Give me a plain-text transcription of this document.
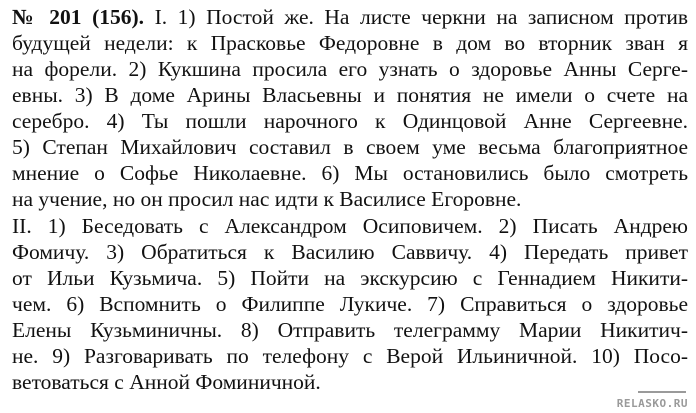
№ 201 (156). I. 1) Постой же. На листе черкни на записном против
будущей недели: к Прасковье Федоровне в дом во вторник зван я
на форели. 2) Кукшина просила его узнать о здоровье Анны Серге-
евны. 3) В доме Арины Власьевны и понятия не имели о счете на
серебро. 4) Ты пошли нарочного к Одинцовой Анне Сергеевне.
5) Степан Михайлович составил в своем уме весьма благоприятное
мнение о Софье Николаевне. 6) Мы остановились было смотреть
на учение, но он просил нас идти к Василисе Егоровне.
II. 1) Беседовать с Александром Осиповичем. 2) Писать Андрею
Фомичу. 3) Обратиться к Василию Саввичу. 4) Передать привет
от Ильи Кузьмича. 5) Пойти на экскурсию с Геннадием Никити-
чем. 6) Вспомнить о Филиппе Лукиче. 7) Справиться о здоровье
Елены Кузьминичны. 8) Отправить телеграмму Марии Никитич-
не. 9) Разговаривать по телефону с Верой Ильиничной. 10) Посо-
ветоваться с Анной Фоминичной.
RELASKO.RU
